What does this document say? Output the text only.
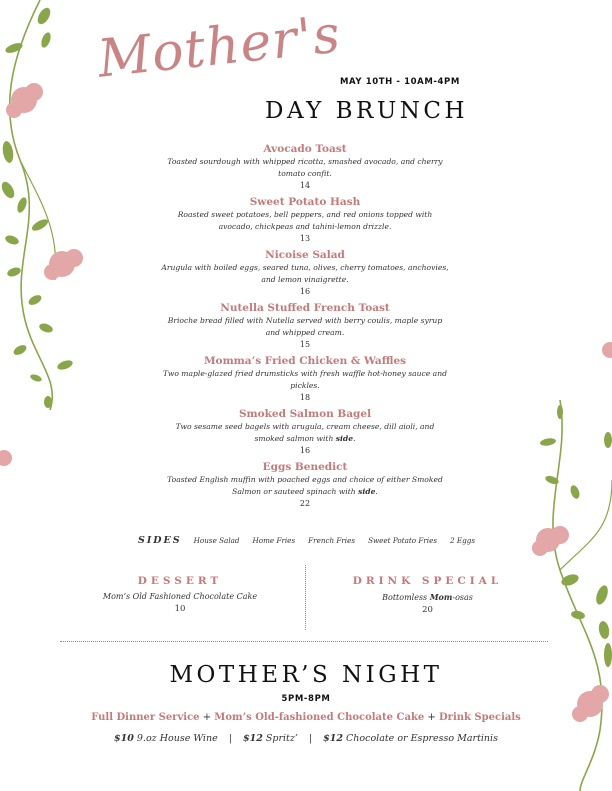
Mother's
MAY 10TH - 10AM-4PM
DAY BRUNCH
Avocado Toast
Toasted sourdough with whipped ricotta, smashed avocado, and cherry tomato confit.
14
Sweet Potato Hash
Roasted sweet potatoes, bell peppers, and red onions topped with avocado, chickpeas and tahini-lemon drizzle.
13
Nicoise Salad
Arugula with boiled eggs, seared tuna, olives, cherry tomatoes, anchovies, and lemon vinaigrette.
16
Nutella Stuffed French Toast
Brioche bread filled with Nutella served with berry coulis, maple syrup and whipped cream.
15
Momma’s Fried Chicken & Waffles
Two maple-glazed fried drumsticks with fresh waffle hot-honey sauce and pickles.
18
Smoked Salmon Bagel
Two sesame seed bagels with arugula, cream cheese, dill aioli, and smoked salmon with side.
16
Eggs Benedict
Toasted English muffin with poached eggs and choice of either Smoked Salmon or sauteed spinach with side.
22
SIDES House Salad Home Fries French Fries Sweet Potato Fries 2 Eggs
DESSERT
Mom’s Old Fashioned Chocolate Cake
10
DRINK SPECIAL
Bottomless Mom-osas
20
MOTHER’S NIGHT
5PM-8PM
Full Dinner Service + Mom’s Old-fashioned Chocolate Cake + Drink Specials
$10 9.oz House Wine | $12 Spritz’ | $12 Chocolate or Espresso Martinis
